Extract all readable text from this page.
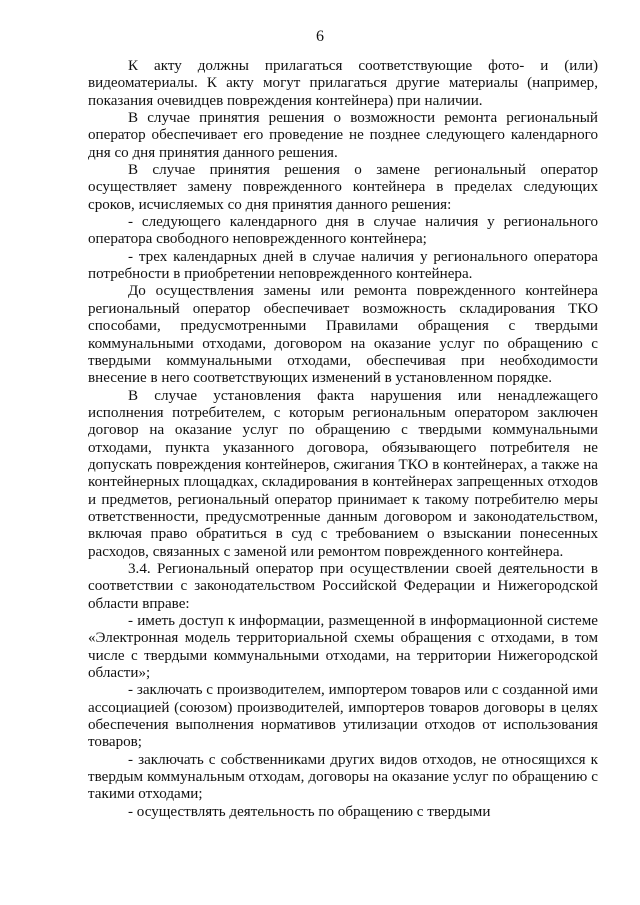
6

К акту должны прилагаться соответствующие фото- и (или) видеоматериалы. К акту могут прилагаться другие материалы (например, показания очевидцев повреждения контейнера) при наличии.

В случае принятия решения о возможности ремонта региональный оператор обеспечивает его проведение не позднее следующего календарного дня со дня принятия данного решения.

В случае принятия решения о замене региональный оператор осуществляет замену поврежденного контейнера в пределах следующих сроков, исчисляемых со дня принятия данного решения:

- следующего календарного дня в случае наличия у регионального оператора свободного неповрежденного контейнера;

- трех календарных дней в случае наличия у регионального оператора потребности в приобретении неповрежденного контейнера.

До осуществления замены или ремонта поврежденного контейнера региональный оператор обеспечивает возможность складирования ТКО способами, предусмотренными Правилами обращения с твердыми коммунальными отходами, договором на оказание услуг по обращению с твердыми коммунальными отходами, обеспечивая при необходимости внесение в него соответствующих изменений в установленном порядке.

В случае установления факта нарушения или ненадлежащего исполнения потребителем, с которым региональным оператором заключен договор на оказание услуг по обращению с твердыми коммунальными отходами, пункта указанного договора, обязывающего потребителя не допускать повреждения контейнеров, сжигания ТКО в контейнерах, а также на контейнерных площадках, складирования в контейнерах запрещенных отходов и предметов, региональный оператор принимает к такому потребителю меры ответственности, предусмотренные данным договором и законодательством, включая право обратиться в суд с требованием о взыскании понесенных расходов, связанных с заменой или ремонтом поврежденного контейнера.

3.4. Региональный оператор при осуществлении своей деятельности в соответствии с законодательством Российской Федерации и Нижегородской области вправе:

- иметь доступ к информации, размещенной в информационной системе «Электронная модель территориальной схемы обращения с отходами, в том числе с твердыми коммунальными отходами, на территории Нижегородской области»;

- заключать с производителем, импортером товаров или с созданной ими ассоциацией (союзом) производителей, импортеров товаров договоры в целях обеспечения выполнения нормативов утилизации отходов от использования товаров;

- заключать с собственниками других видов отходов, не относящихся к твердым коммунальным отходам, договоры на оказание услуг по обращению с такими отходами;

- осуществлять деятельность по обращению с твердыми
